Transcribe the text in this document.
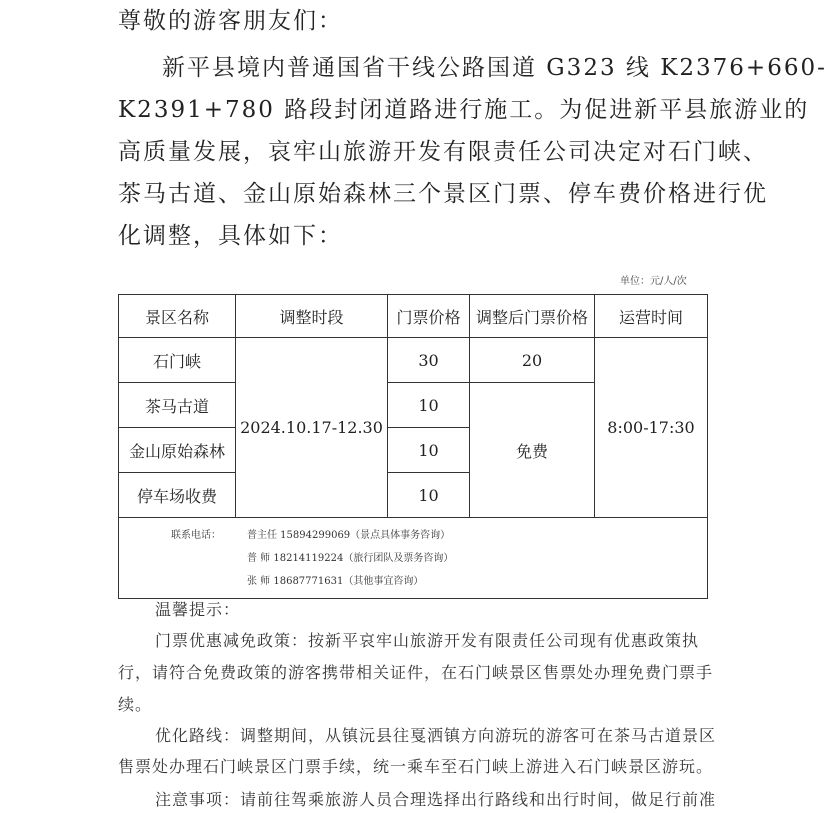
尊敬的游客朋友们：
新平县境内普通国省干线公路国道 G323 线 K2376+660-
K2391+780 路段封闭道路进行施工。为促进新平县旅游业的
高质量发展，哀牢山旅游开发有限责任公司决定对石门峡、
茶马古道、金山原始森林三个景区门票、停车费价格进行优
化调整，具体如下：
单位：元/人/次
景区名称	调整时段	门票价格	调整后门票价格	运营时间
石门峡	2024.10.17-12.30	30	20	8:00-17:30
茶马古道		10	免费	
金山原始森林		10		
停车场收费		10		

联系电话： 普主任 15894299069（景点具体事务咨询）
普 师 18214119224（旅行团队及票务咨询）
张 师 18687771631（其他事宜咨询）				
温馨提示：
门票优惠减免政策：按新平哀牢山旅游开发有限责任公司现有优惠政策执
行，请符合免费政策的游客携带相关证件，在石门峡景区售票处办理免费门票手
续。
优化路线：调整期间，从镇沅县往戛洒镇方向游玩的游客可在茶马古道景区
售票处办理石门峡景区门票手续，统一乘车至石门峡上游进入石门峡景区游玩。
注意事项：请前往驾乘旅游人员合理选择出行路线和出行时间，做足行前准
